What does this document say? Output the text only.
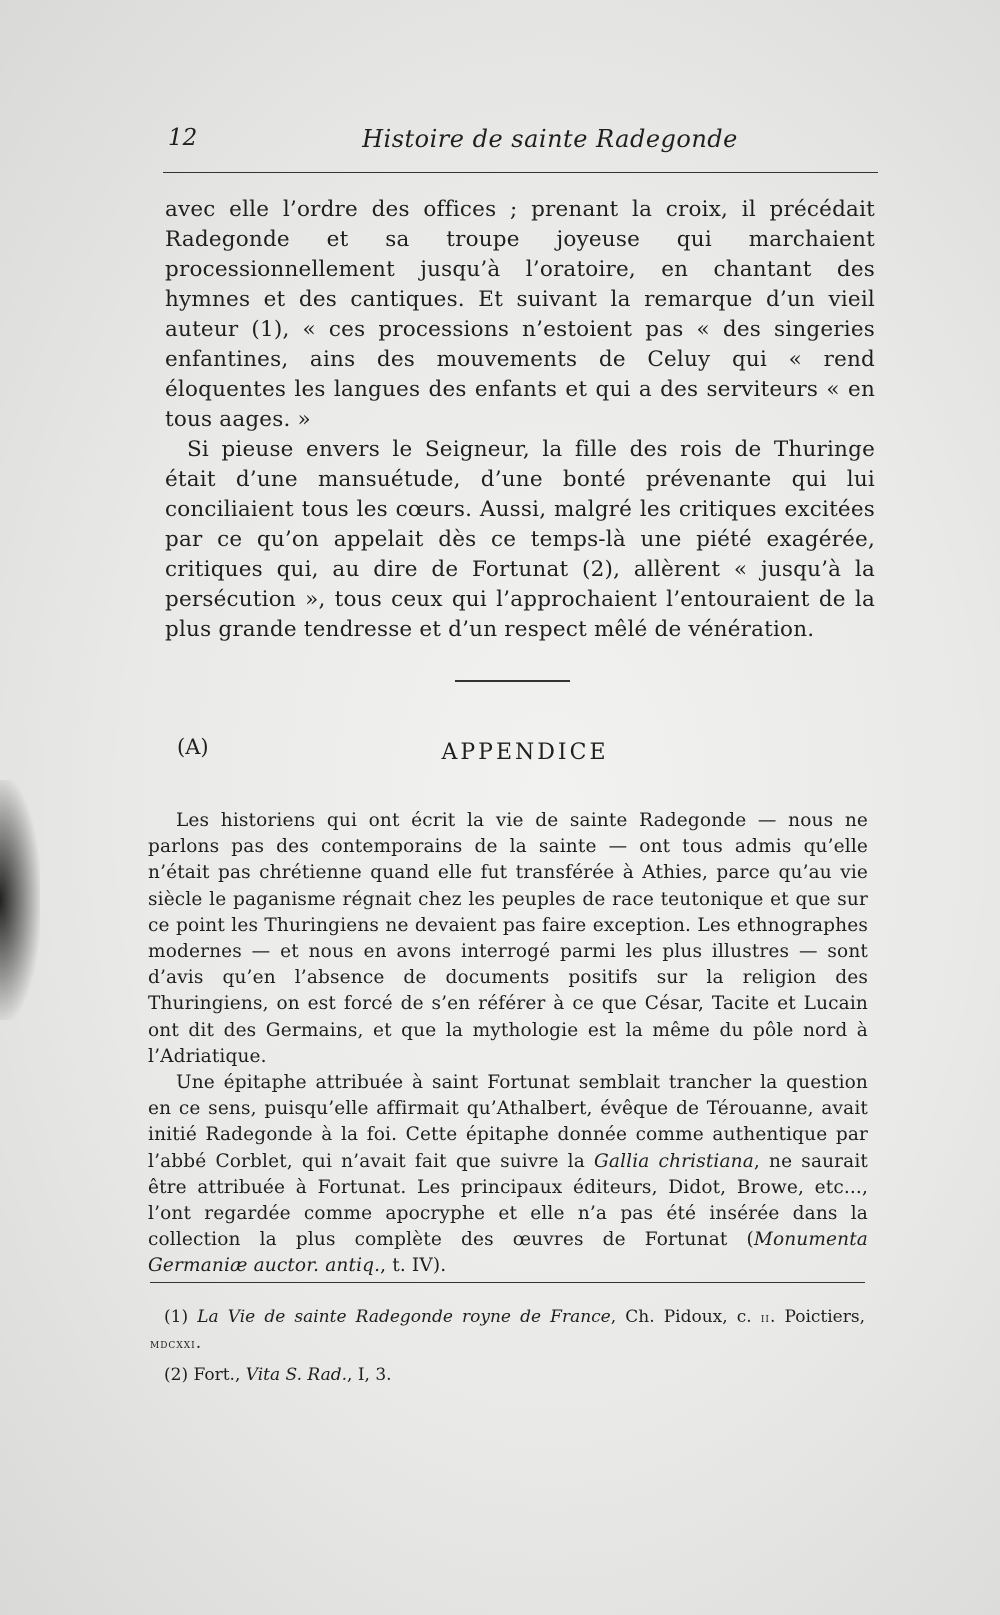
12	Histoire de sainte Radegonde

avec elle l’ordre des offices ; prenant la croix, il précédait Radegonde et sa troupe joyeuse qui marchaient processionnellement jusqu’à l’oratoire, en chantant des hymnes et des cantiques. Et suivant la remarque d’un vieil auteur (1), « ces processions n’estoient pas « des singeries enfantines, ains des mouvements de Celuy qui « rend éloquentes les langues des enfants et qui a des serviteurs « en tous aages. »

Si pieuse envers le Seigneur, la fille des rois de Thuringe était d’une mansuétude, d’une bonté prévenante qui lui conciliaient tous les cœurs. Aussi, malgré les critiques excitées par ce qu’on appelait dès ce temps-là une piété exagérée, critiques qui, au dire de Fortunat (2), allèrent « jusqu’à la persécution », tous ceux qui l’approchaient l’entouraient de la plus grande tendresse et d’un respect mêlé de vénération.

(A)	APPENDICE

Les historiens qui ont écrit la vie de sainte Radegonde — nous ne parlons pas des contemporains de la sainte — ont tous admis qu’elle n’était pas chrétienne quand elle fut transférée à Athies, parce qu’au vie siècle le paganisme régnait chez les peuples de race teutonique et que sur ce point les Thuringiens ne devaient pas faire exception. Les ethnographes modernes — et nous en avons interrogé parmi les plus illustres — sont d’avis qu’en l’absence de documents positifs sur la religion des Thuringiens, on est forcé de s’en référer à ce que César, Tacite et Lucain ont dit des Germains, et que la mythologie est la même du pôle nord à l’Adriatique.

Une épitaphe attribuée à saint Fortunat semblait trancher la question en ce sens, puisqu’elle affirmait qu’Athalbert, évêque de Térouanne, avait initié Radegonde à la foi. Cette épitaphe donnée comme authentique par l’abbé Corblet, qui n’avait fait que suivre la Gallia christiana, ne saurait être attribuée à Fortunat. Les principaux éditeurs, Didot, Browe, etc..., l’ont regardée comme apocryphe et elle n’a pas été insérée dans la collection la plus complète des œuvres de Fortunat (Monumenta Germaniæ auctor. antiq., t. IV).

(1) La Vie de sainte Radegonde royne de France, Ch. Pidoux, c. ii. Poictiers, mdcxxi.

(2) Fort., Vita S. Rad., I, 3.
